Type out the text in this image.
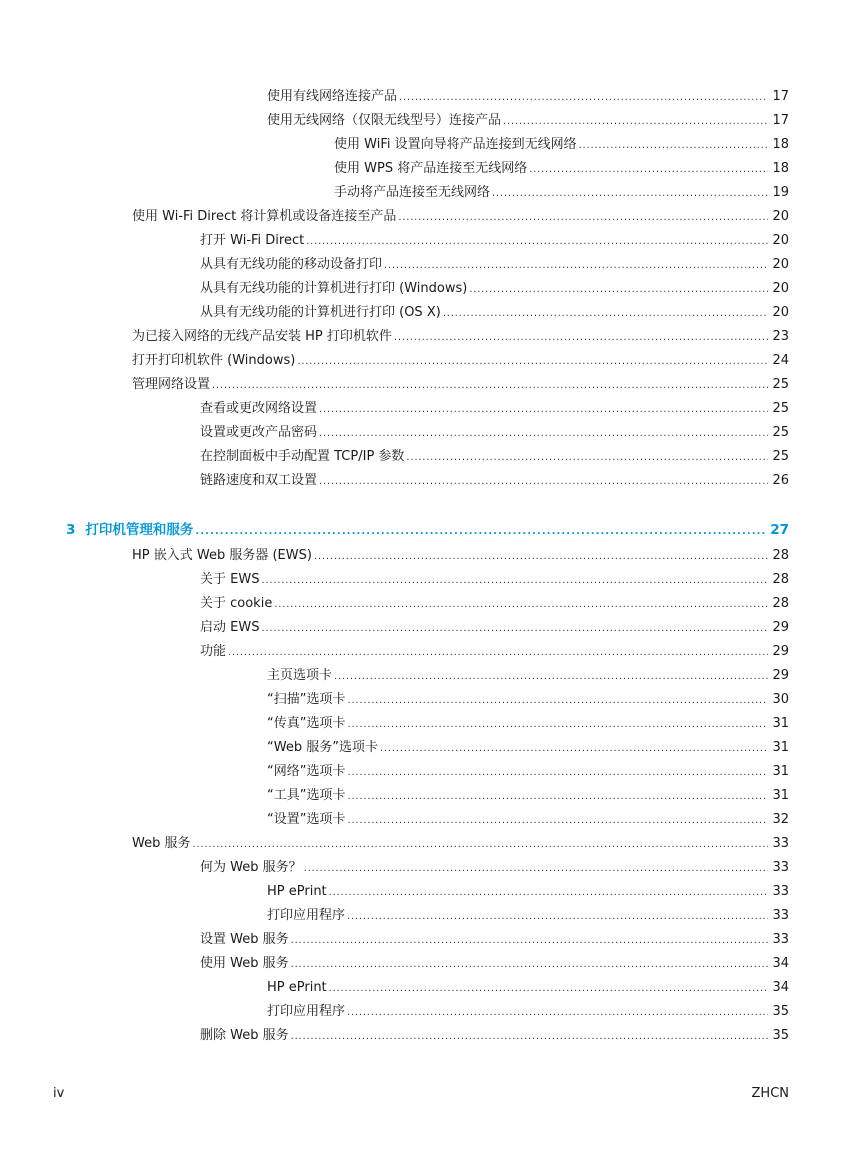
使用有线网络连接产品 . . .	17
使用无线网络（仅限无线型号）连接产品 . . .	17
使用 WiFi 设置向导将产品连接到无线网络 . . .	18
使用 WPS 将产品连接至无线网络 . . .	18
手动将产品连接至无线网络 . . .	19
使用 Wi-Fi Direct 将计算机或设备连接至产品 . . .	20
打开 Wi-Fi Direct . . .	20
从具有无线功能的移动设备打印 . . .	20
从具有无线功能的计算机进行打印 (Windows) . . .	20
从具有无线功能的计算机进行打印 (OS X) . . .	20
为已接入网络的无线产品安装 HP 打印机软件 . . .	23
打开打印机软件 (Windows) . . .	24
管理网络设置 . . .	25
查看或更改网络设置 . . .	25
设置或更改产品密码 . . .	25
在控制面板中手动配置 TCP/IP 参数 . . .	25
链路速度和双工设置 . . .	26
3 打印机管理和服务 . . .	27
HP 嵌入式 Web 服务器 (EWS) . . .	28
关于 EWS . . .	28
关于 cookie . . .	28
启动 EWS . . .	29
功能 . . .	29
主页选项卡 . . .	29
“扫描”选项卡 . . .	30
“传真”选项卡 . . .	31
“Web 服务”选项卡 . . .	31
“网络”选项卡 . . .	31
“工具”选项卡 . . .	31
“设置”选项卡 . . .	32
Web 服务 . . .	33
何为 Web 服务？ . . .	33
HP ePrint . . .	33
打印应用程序 . . .	33
设置 Web 服务 . . .	33
使用 Web 服务 . . .	34
HP ePrint . . .	34
打印应用程序 . . .	35
删除 Web 服务 . . .	35
iv	ZHCN
